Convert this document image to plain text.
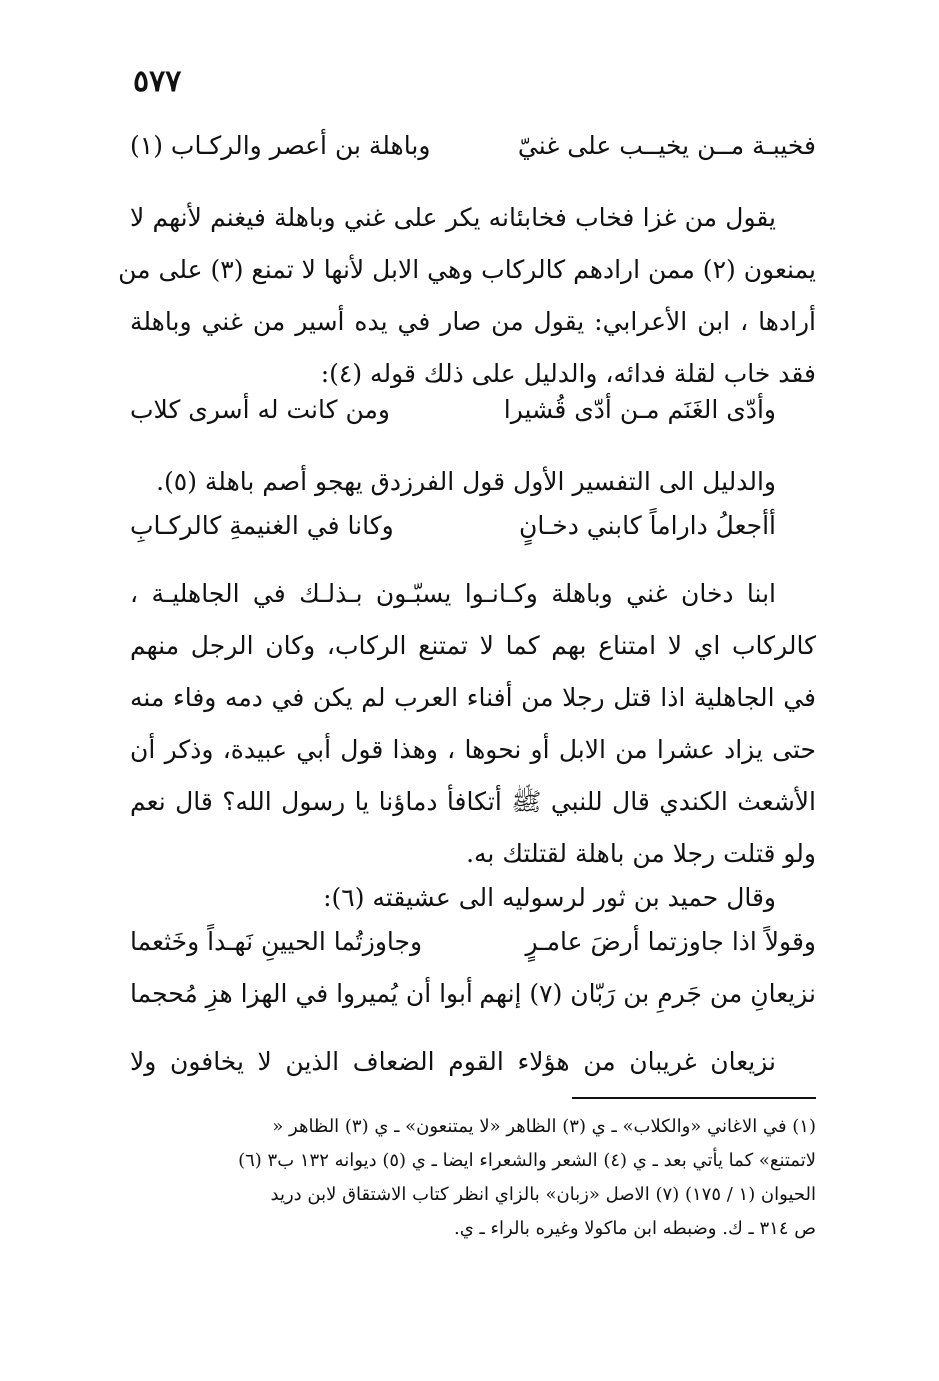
٥٧٧
فخيبـة مــن يخيــب على غنيّ
وباهلة بن أعصر والركـاب (١)
يقول من غزا فخاب فخابئانه يكر على غني وباهلة فيغنم لأنهم لا
يمنعون (٢) ممن ارادهم كالركاب وهي الابل لأنها لا تمنع (٣) على من
أرادها ، ابن الأعرابي: يقول من صار في يده أسير من غني وباهلة
فقد خاب لقلة فدائه، والدليل على ذلك قوله (٤):
وأدّى الغَنَم مـن أدّى قُشيرا
ومن كانت له أسرى كلاب
والدليل الى التفسير الأول قول الفرزدق يهجو أصم باهلة (٥).
أأجعلُ داراماً كابني دخـانٍ
وكانا في الغنيمةِ كالركـابِ
ابنا دخان غني وباهلة وكـانـوا يسبّـون بـذلـك في الجاهليـة ،
كالركاب اي لا امتناع بهم كما لا تمتنع الركاب، وكان الرجل منهم
في الجاهلية اذا قتل رجلا من أفناء العرب لم يكن في دمه وفاء منه
حتى يزاد عشرا من الابل أو نحوها ، وهذا قول أبي عبيدة، وذكر أن
الأشعث الكندي قال للنبي ﷺ أتكافأ دماؤنا يا رسول الله؟ قال نعم
ولو قتلت رجلا من باهلة لقتلتك به.
وقال حميد بن ثور لرسوليه الى عشيقته (٦):
وقولاً اذا جاوزتما أرضَ عامـرٍ
وجاوزتُما الحيينِ نَهـداً وخَثعما
نزيعانِ من جَرمِ بن رَبّان (٧) إنهم
أبوا أن يُميروا في الهزا هزِ مُحجما
نزيعان غريبان من هؤلاء القوم الضعاف الذين لا يخافون ولا
(١) في الاغاني «والكلاب» ـ ي (٣) الظاهر «لا يمتنعون» ـ ي (٣) الظاهر «
لاتمتنع» كما يأتي بعد ـ ي (٤) الشعر والشعراء ايضا ـ ي (٥) ديوانه ١٣٢ ب٣ (٦)
الحيوان (١ / ١٧٥) (٧) الاصل «زبان» بالزاي انظر كتاب الاشتقاق لابن دريد
ص ٣١٤ ـ ك. وضبطه ابن ماكولا وغيره بالراء ـ ي.
